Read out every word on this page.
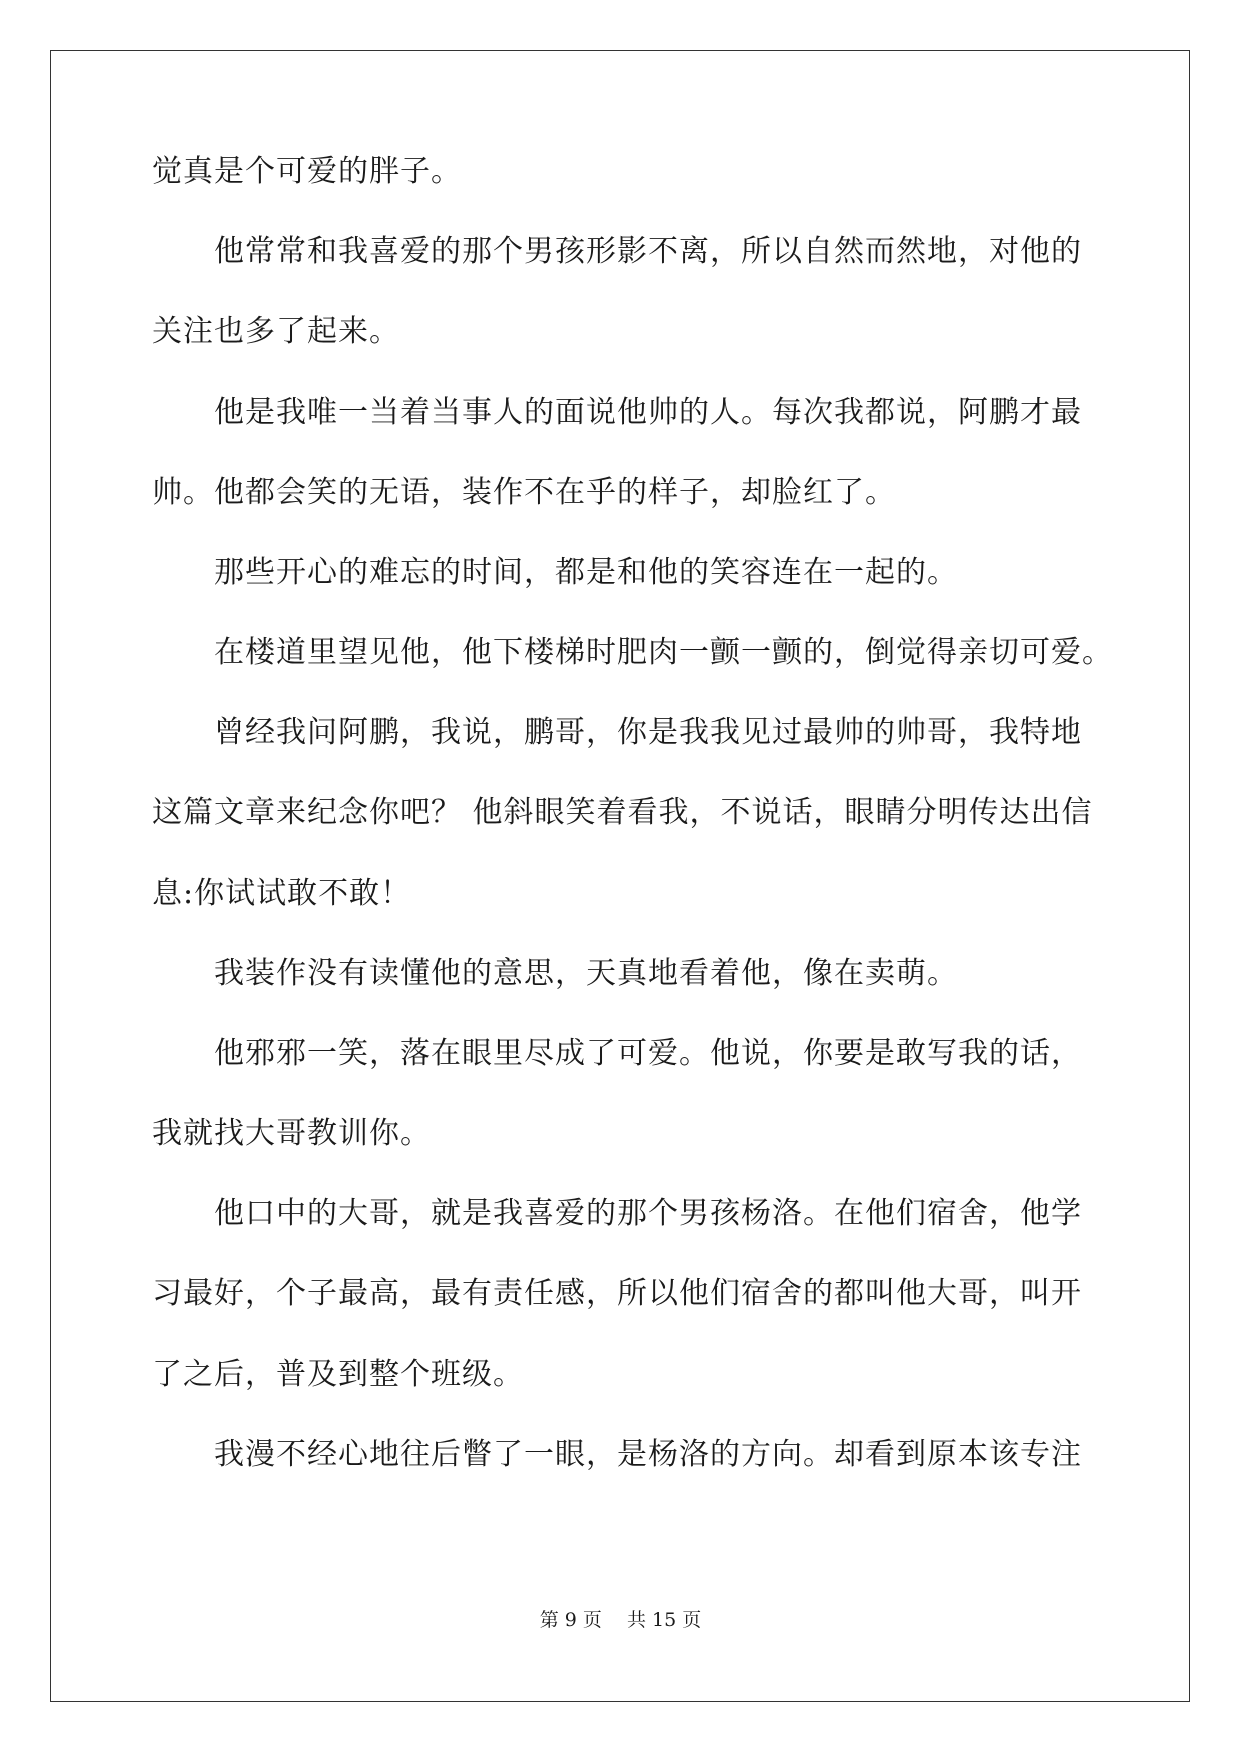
觉真是个可爱的胖子。
他常常和我喜爱的那个男孩形影不离，所以自然而然地，对他的
关注也多了起来。
他是我唯一当着当事人的面说他帅的人。每次我都说，阿鹏才最
帅。他都会笑的无语，装作不在乎的样子，却脸红了。
那些开心的难忘的时间，都是和他的笑容连在一起的。
在楼道里望见他，他下楼梯时肥肉一颤一颤的，倒觉得亲切可爱。
曾经我问阿鹏，我说，鹏哥，你是我我见过最帅的帅哥，我特地
这篇文章来纪念你吧？ 他斜眼笑着看我，不说话，眼睛分明传达出信
息:你试试敢不敢！
我装作没有读懂他的意思，天真地看着他，像在卖萌。
他邪邪一笑，落在眼里尽成了可爱。他说，你要是敢写我的话，
我就找大哥教训你。
他口中的大哥，就是我喜爱的那个男孩杨洛。在他们宿舍，他学
习最好，个子最高，最有责任感，所以他们宿舍的都叫他大哥，叫开
了之后，普及到整个班级。
我漫不经心地往后瞥了一眼，是杨洛的方向。却看到原本该专注
第 9 页　 共 15 页
